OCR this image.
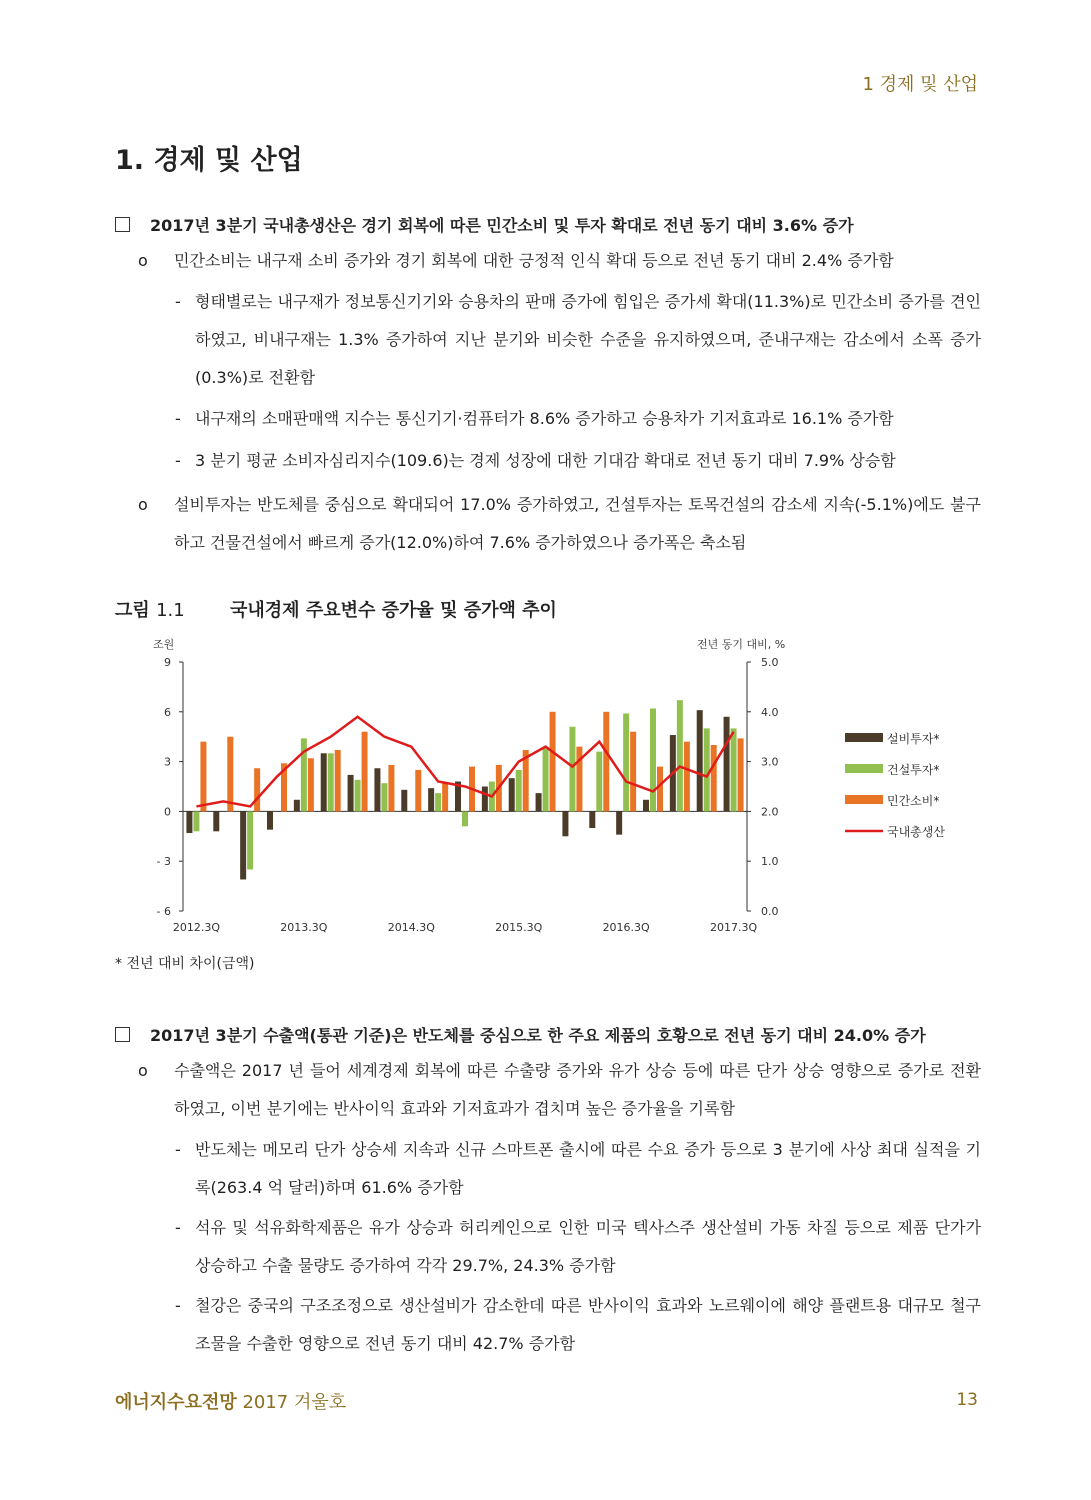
1 경제 및 산업
1. 경제 및 산업
2017년 3분기 국내총생산은 경기 회복에 따른 민간소비 및 투자 확대로 전년 동기 대비 3.6% 증가
o	민간소비는 내구재 소비 증가와 경기 회복에 대한 긍정적 인식 확대 등으로 전년 동기 대비 2.4% 증가함
- 형태별로는 내구재가 정보통신기기와 승용차의 판매 증가에 힘입은 증가세 확대(11.3%)로 민간소비 증가를 견인하였고, 비내구재는 1.3% 증가하여 지난 분기와 비슷한 수준을 유지하였으며, 준내구재는 감소에서 소폭 증가(0.3%)로 전환함
- 내구재의 소매판매액 지수는 통신기기·컴퓨터가 8.6% 증가하고 승용차가 기저효과로 16.1% 증가함
- 3 분기 평균 소비자심리지수(109.6)는 경제 성장에 대한 기대감 확대로 전년 동기 대비 7.9% 상승함
o	설비투자는 반도체를 중심으로 확대되어 17.0% 증가하였고, 건설투자는 토목건설의 감소세 지속(-5.1%)에도 불구하고 건물건설에서 빠르게 증가(12.0%)하여 7.6% 증가하였으나 증가폭은 축소됨
그림 1.1	국내경제 주요변수 증가율 및 증가액 추이
조원	전년 동기 대비, %
9
6
3
0
- 3
- 6
5.0
4.0
3.0
2.0
1.0
0.0
2012.3Q	2013.3Q	2014.3Q	2015.3Q	2016.3Q	2017.3Q
설비투자*
건설투자*
민간소비*
국내총생산
* 전년 대비 차이(금액)
2017년 3분기 수출액(통관 기준)은 반도체를 중심으로 한 주요 제품의 호황으로 전년 동기 대비 24.0% 증가
o	수출액은 2017 년 들어 세계경제 회복에 따른 수출량 증가와 유가 상승 등에 따른 단가 상승 영향으로 증가로 전환하였고, 이번 분기에는 반사이익 효과와 기저효과가 겹치며 높은 증가율을 기록함
- 반도체는 메모리 단가 상승세 지속과 신규 스마트폰 출시에 따른 수요 증가 등으로 3 분기에 사상 최대 실적을 기록(263.4 억 달러)하며 61.6% 증가함
- 석유 및 석유화학제품은 유가 상승과 허리케인으로 인한 미국 텍사스주 생산설비 가동 차질 등으로 제품 단가가 상승하고 수출 물량도 증가하여 각각 29.7%, 24.3% 증가함
- 철강은 중국의 구조조정으로 생산설비가 감소한데 따른 반사이익 효과와 노르웨이에 해양 플랜트용 대규모 철구조물을 수출한 영향으로 전년 동기 대비 42.7% 증가함
에너지수요전망 2017 겨울호	13
